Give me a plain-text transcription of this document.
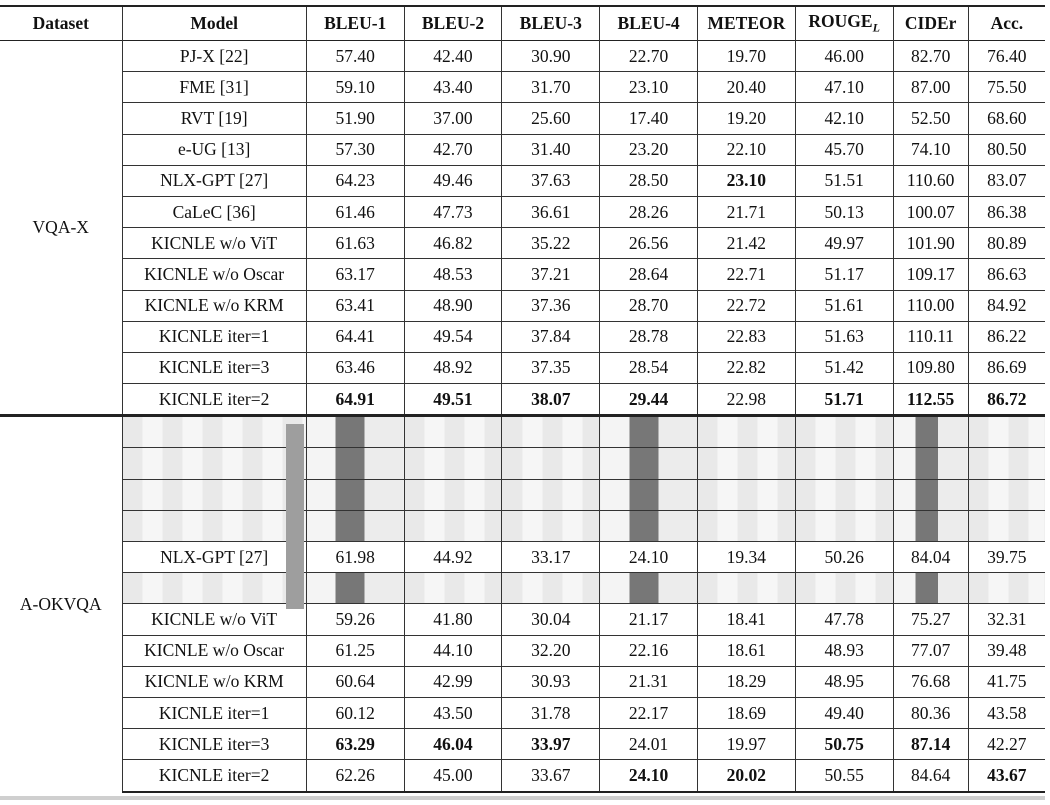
Dataset	Model	BLEU-1	BLEU-2	BLEU-3	BLEU-4	METEOR	$ROUGE_L$	CIDEr	Acc.
VQA-X	PJ-X [22]	57.40	42.40	30.90	22.70	19.70	46.00	82.70	76.40
	FME [31]	59.10	43.40	31.70	23.10	20.40	47.10	87.00	75.50
	RVT [19]	51.90	37.00	25.60	17.40	19.20	42.10	52.50	68.60
	e-UG [13]	57.30	42.70	31.40	23.20	22.10	45.70	74.10	80.50
	NLX-GPT [27]	64.23	49.46	37.63	28.50	23.10	51.51	110.60	83.07
	CaLeC [36]	61.46	47.73	36.61	28.26	21.71	50.13	100.07	86.38
	KICNLE w/o ViT	61.63	46.82	35.22	26.56	21.42	49.97	101.90	80.89
	KICNLE w/o Oscar	63.17	48.53	37.21	28.64	22.71	51.17	109.17	86.63
	KICNLE w/o KRM	63.41	48.90	37.36	28.70	22.72	51.61	110.00	84.92
	KICNLE iter=1	64.41	49.54	37.84	28.78	22.83	51.63	110.11	86.22
	KICNLE iter=3	63.46	48.92	37.35	28.54	22.82	51.42	109.80	86.69
	KICNLE iter=2	64.91	49.51	38.07	29.44	22.98	51.71	112.55	86.72
A-OKVQA									

	NLX-GPT [27]	61.98	44.92	33.17	24.10	19.34	50.26	84.04	39.75

	KICNLE w/o ViT	59.26	41.80	30.04	21.17	18.41	47.78	75.27	32.31
	KICNLE w/o Oscar	61.25	44.10	32.20	22.16	18.61	48.93	77.07	39.48
	KICNLE w/o KRM	60.64	42.99	30.93	21.31	18.29	48.95	76.68	41.75
	KICNLE iter=1	60.12	43.50	31.78	22.17	18.69	49.40	80.36	43.58
	KICNLE iter=3	63.29	46.04	33.97	24.01	19.97	50.75	87.14	42.27
	KICNLE iter=2	62.26	45.00	33.67	24.10	20.02	50.55	84.64	43.67
